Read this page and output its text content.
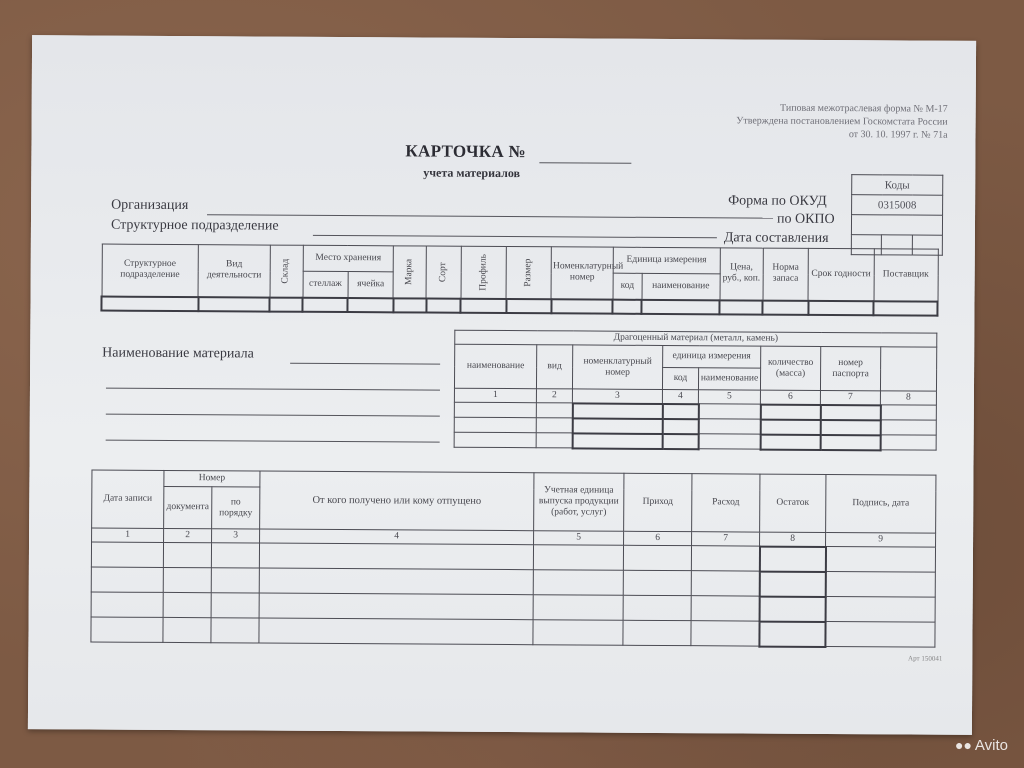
Типовая межотраслевая форма № М-17
Утверждена постановлением Госкомстата России
от 30. 10. 1997 г. № 71а
КАРТОЧКА №
учета материалов
Коды
0315008

Форма по ОКУД
по ОКПО
Дата составления
Организация
Структурное подразделение
Структурное подразделение	Вид деятельности	Склад	Место хранения		Марка	Сорт	Профиль	Размер	Номенклатурный номер	Единица измерения		Цена, руб., коп.	Норма запаса	Срок годности	Поставщик
			стеллаж	ячейка						код	наименование				

Наименование материала
Драгоценный материал (металл, камень)							
наименование	вид	номенклатурный номер	единица измерения		количество (масса)	номер паспорта	
			код	наименование			
1	2	3	4	5	6	7	8

Дата записи	Номер		От кого получено или кому отпущено	Учетная единица выпуска продукции (работ, услуг)	Приход	Расход	Остаток	Подпись, дата
	документа	по порядку						
1	2	3	4	5	6	7	8	9

Арт 150041
●● Avito
